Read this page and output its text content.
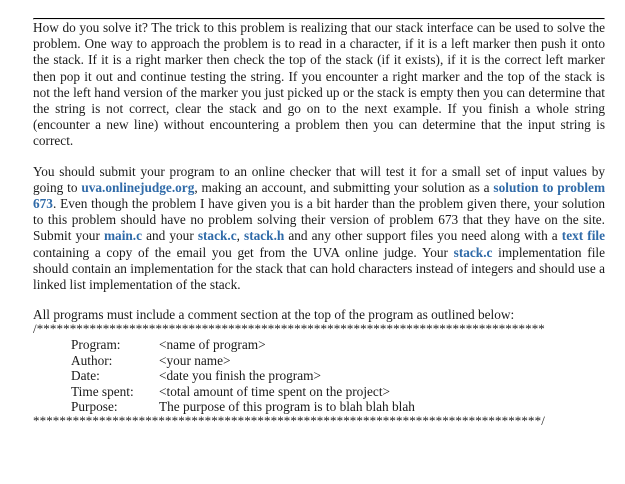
How do you solve it? The trick to this problem is realizing that our stack interface can be used to solve the problem. One way to approach the problem is to read in a character, if it is a left marker then push it onto the stack. If it is a right marker then check the top of the stack (if it exists), if it is the correct left marker then pop it out and continue testing the string. If you encounter a right marker and the top of the stack is not the left hand version of the marker you just picked up or the stack is empty then you can determine that the string is not correct, clear the stack and go on to the next example. If you finish a whole string (encounter a new line) without encountering a problem then you can determine that the input string is correct.

You should submit your program to an online checker that will test it for a small set of input values by going to uva.onlinejudge.org, making an account, and submitting your solution as a solution to problem 673. Even though the problem I have given you is a bit harder than the problem given there, your solution to this problem should have no problem solving their version of problem 673 that they have on the site. Submit your main.c and your stack.c, stack.h and any other support files you need along with a text file containing a copy of the email you get from the UVA online judge. Your stack.c implementation file should contain an implementation for the stack that can hold characters instead of integers and should use a linked list implementation of the stack.

All programs must include a comment section at the top of the program as outlined below:

/*****************************************************************************
Program:	<name of program>
Author:	<your name>
Date:	<date you finish the program>
Time spent:	<total amount of time spent on the project>
Purpose:	The purpose of this program is to blah blah blah
*****************************************************************************/
